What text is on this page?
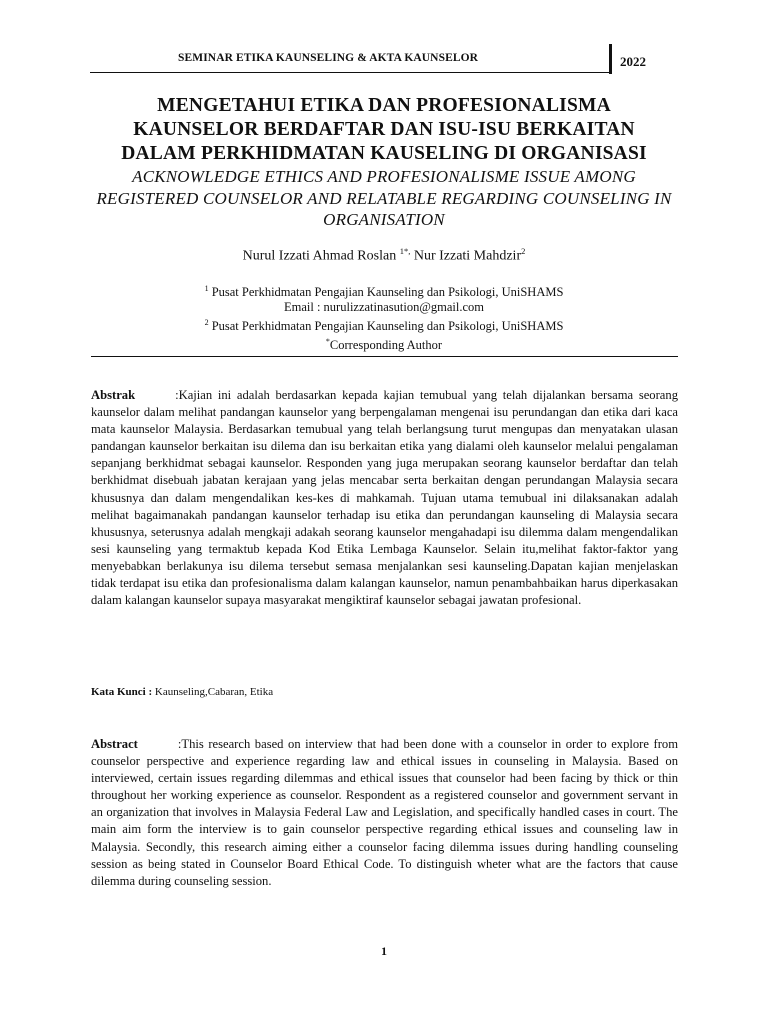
SEMINAR ETIKA KAUNSELING & AKTA KAUNSELOR	2022

MENGETAHUI ETIKA DAN PROFESIONALISMA

KAUNSELOR BERDAFTAR DAN ISU-ISU BERKAITAN

DALAM PERKHIDMATAN KAUSELING DI ORGANISASI

ACKNOWLEDGE ETHICS AND PROFESIONALISME ISSUE AMONG

REGISTERED COUNSELOR AND RELATABLE REGARDING COUNSELING IN

ORGANISATION

Nurul Izzati Ahmad Roslan $^{1*,}$ Nur Izzati Mahdzir$^2$
$^1$ Pusat Perkhidmatan Pengajian Kaunseling dan Psikologi, UniSHAMS
Email : nurulizzatinasution@gmail.com
$^2$ Pusat Perkhidmatan Pengajian Kaunseling dan Psikologi, UniSHAMS
*Corresponding Author

Abstrak	:Kajian ini adalah berdasarkan kepada kajian temubual yang telah dijalankan bersama seorang kaunselor dalam melihat pandangan kaunselor yang berpengalaman mengenai isu perundangan dan etika dari kaca mata kaunselor Malaysia. Berdasarkan temubual yang telah berlangsung turut mengupas dan menyatakan ulasan pandangan kaunselor berkaitan isu dilema dan isu berkaitan etika yang dialami oleh kaunselor melalui pengalaman sepanjang berkhidmat sebagai kaunselor. Responden yang juga merupakan seorang kaunselor berdaftar dan telah berkhidmat disebuah jabatan kerajaan yang jelas mencabar serta berkaitan dengan perundangan Malaysia secara khususnya dan dalam mengendalikan kes-kes di mahkamah. Tujuan utama temubual ini dilaksanakan adalah melihat bagaimanakah pandangan kaunselor terhadap isu etika dan perundangan kaunseling di Malaysia secara khususnya, seterusnya adalah mengkaji adakah seorang kaunselor mengahadapi isu dilemma dalam mengendalikan sesi kaunseling yang termaktub kepada Kod Etika Lembaga Kaunselor. Selain itu,melihat faktor-faktor yang menyebabkan berlakunya isu dilema tersebut semasa menjalankan sesi kaunseling.Dapatan kajian menjelaskan tidak terdapat isu etika dan profesionalisma dalam kalangan kaunselor, namun penambahbaikan harus diperkasakan dalam kalangan kaunselor supaya masyarakat mengiktiraf kaunselor sebagai jawatan profesional.

Kata Kunci : Kaunseling,Cabaran, Etika

Abstract	:This research based on interview that had been done with a counselor in order to explore from counselor perspective and experience regarding law and ethical issues in counseling in Malaysia. Based on interviewed, certain issues regarding dilemmas and ethical issues that counselor had been facing by thick or thin throughout her working experience as counselor. Respondent as a registered counselor and government servant in an organization that involves in Malaysia Federal Law and Legislation, and specifically handled cases in court. The main aim form the interview is to gain counselor perspective regarding ethical issues and counseling law in Malaysia. Secondly, this research aiming either a counselor facing dilemma issues during handling counseling session as being stated in Counselor Board Ethical Code. To distinguish wheter what are the factors that cause dilemma during counseling session.

1
